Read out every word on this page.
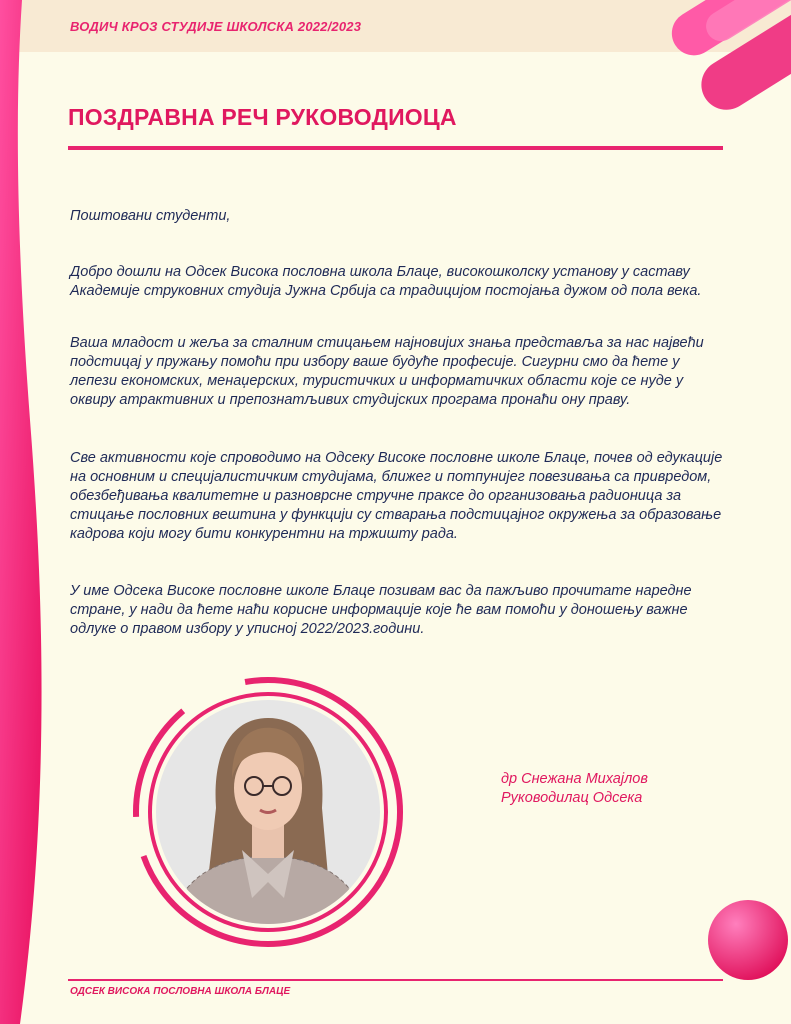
ВОДИЧ КРОЗ СТУДИЈЕ ШКОЛСКА 2022/2023
ПОЗДРАВНА РЕЧ РУКОВОДИОЦА
Поштовани студенти,
Добро дошли на Одсек Висока пословна школа Блаце, високошколску установу у саставу Академије струковних студија Јужна Србија са традицијом постојања дужом од пола века.
Ваша младост и жеља за сталним стицањем најновијих знања представља за нас највећи подстицај у пружању помоћи при избору ваше будуће професије. Сигурни смо да ћете у лепези економских, менаџерских, туристичких и информатичких области које се нуде у оквиру атрактивних и препознатљивих студијских програма пронаћи ону праву.
Све активности које спроводимо на Одсеку Високе пословне школе Блаце, почев од едукације на основним и специјалистичким студијама, ближег и потпунијег повезивања са привредом, обезбеђивања квалитетне и разноврсне стручне праксе до организовања радионица за стицање пословних вештина у функцији су стварања подстицајног окружења за образовање кадрова који могу бити конкурентни на тржишту рада.
У име Одсека Високе пословне школе Блаце позивам вас да пажљиво прочитате наредне стране, у нади да ћете наћи корисне информације које ће вам помоћи у доношењу важне одлуке о правом избору у уписној 2022/2023.години.
др Снежана Михајлов
Руководилац Одсека
ОДСЕК ВИСОКА ПОСЛОВНА ШКОЛА БЛАЦЕ
